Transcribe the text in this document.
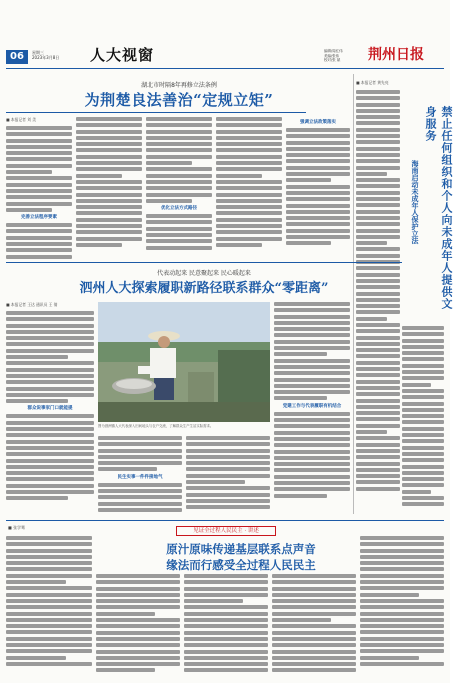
06	星期三
2023年3月8日 人大视窗	编辑/周红伟
美编/张伟
校对/张 斌 荆州日报
湖北市时隔8年再修立法条例
为荆楚良法善治“定规立矩”
■ 本报记者 刘 美
完善立法程序要素
优化立法方式路径
强调立法政策落实
■ 本报记者 黄先亮
禁止任何组织和个人向未成年人提供文身服务
海南启动未成年人保护立法
代表动起来 民意聚起来 民心暖起来
泗州人大探索履职新路径联系群众“零距离”
■ 本报记者 王达 通讯员 王 倩
群众说事家门口就能提
图为泗洲镇人大代表深入田间地头与农户交流，了解群众生产生活实际需求。
民生实事一件件接地气
党建工作与代表履职有机结合
■ 张学骞
见证全过程人民民主 · 讲述
原汁原味传递基层联系点声音
缘法而行感受全过程人民民主
